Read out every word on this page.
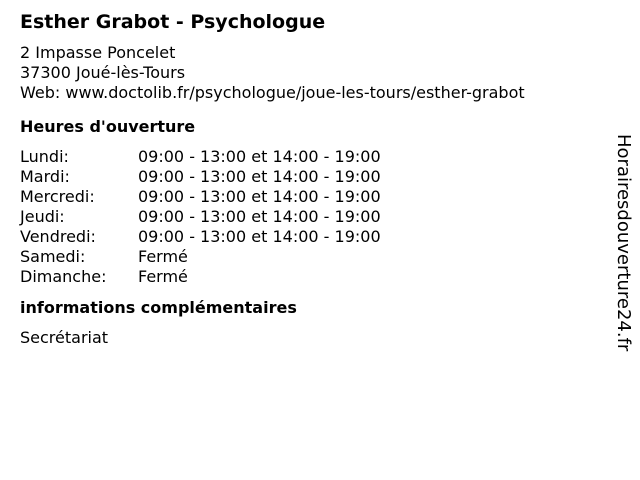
Esther Grabot - Psychologue
2 Impasse Poncelet
37300 Joué-lès-Tours
Web: www.doctolib.fr/psychologue/joue-les-tours/esther-grabot
Heures d'ouverture
Lundi:	09:00 - 13:00 et 14:00 - 19:00
Mardi:	09:00 - 13:00 et 14:00 - 19:00
Mercredi:	09:00 - 13:00 et 14:00 - 19:00
Jeudi:	09:00 - 13:00 et 14:00 - 19:00
Vendredi:	09:00 - 13:00 et 14:00 - 19:00
Samedi:	Fermé
Dimanche:	Fermé
informations complémentaires
Secrétariat	Horairesdouverture24.fr
